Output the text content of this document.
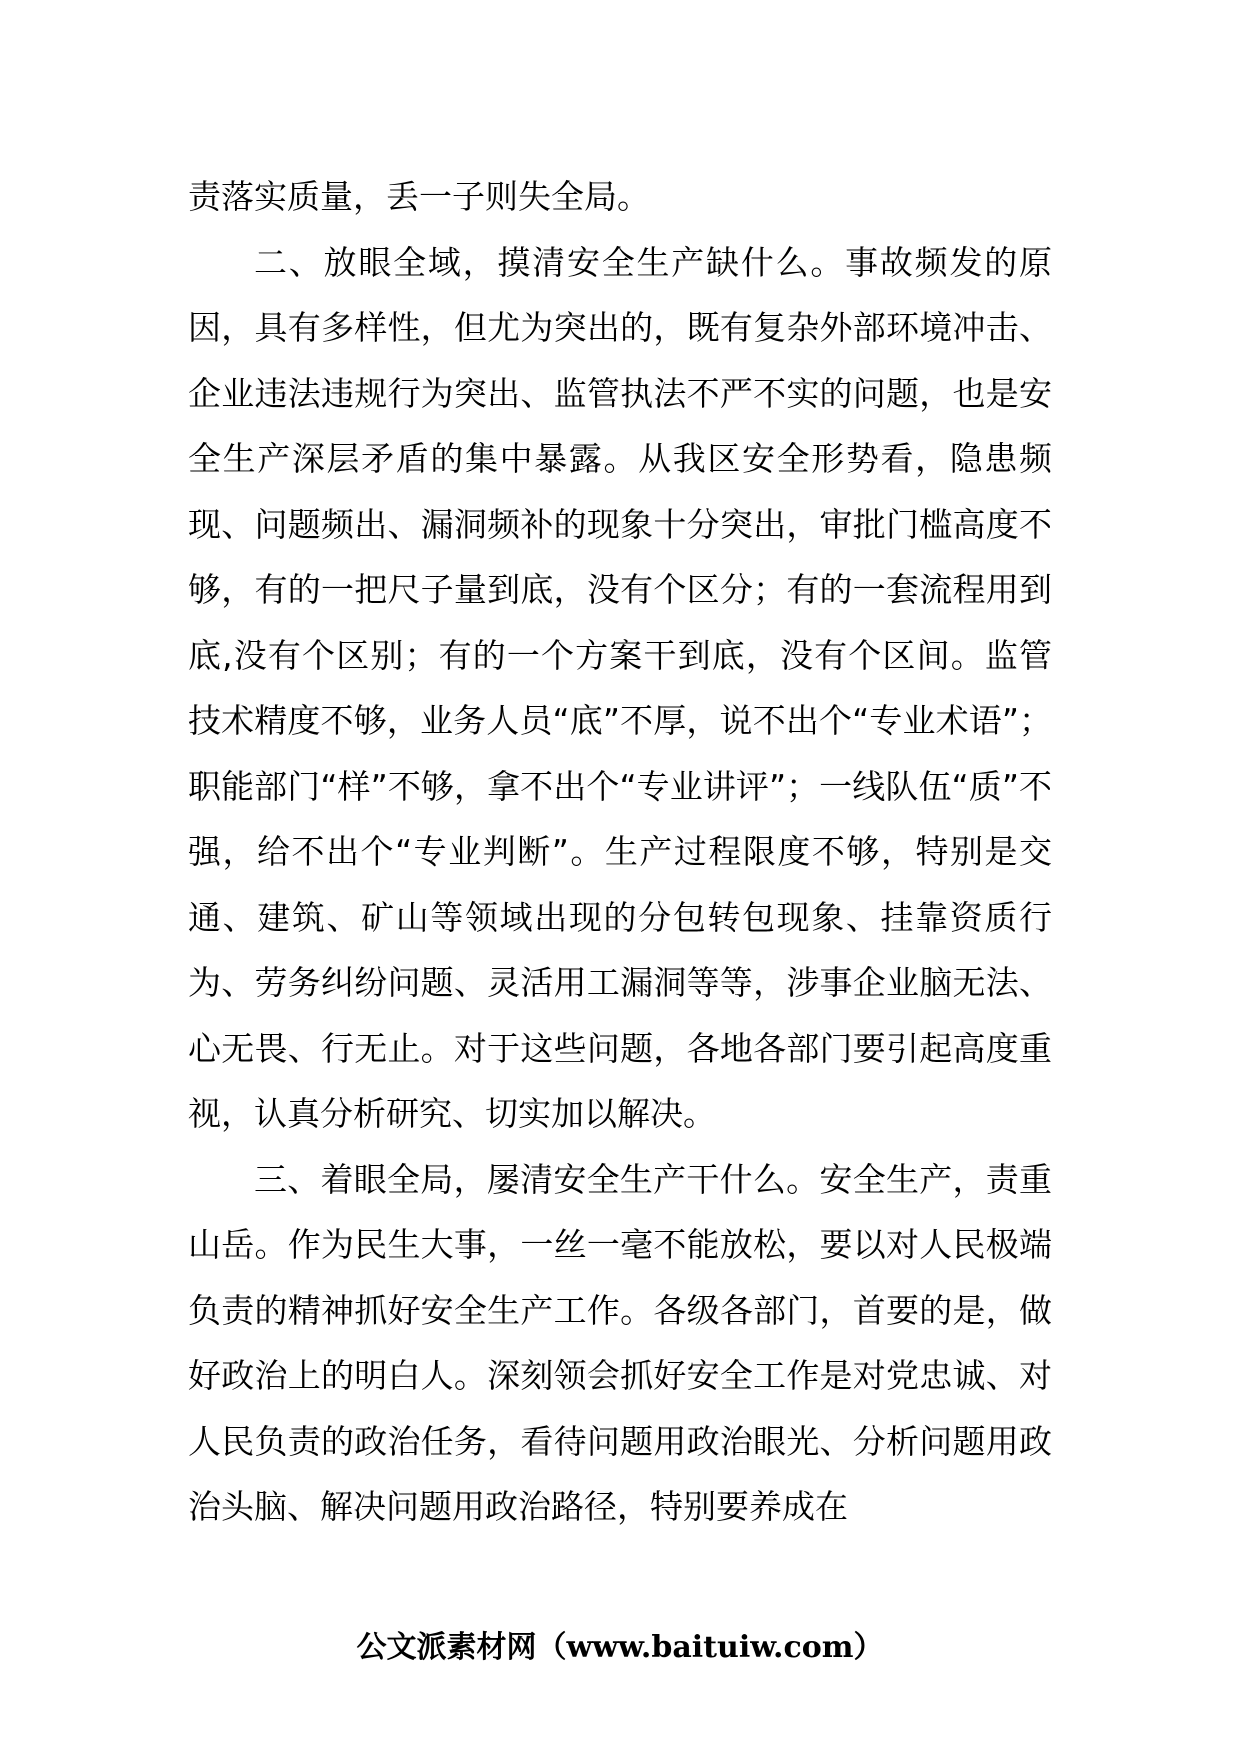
责落实质量，丢一子则失全局。

二、放眼全域，摸清安全生产缺什么。事故频发的原因，具有多样性，但尤为突出的，既有复杂外部环境冲击、企业违法违规行为突出、监管执法不严不实的问题，也是安全生产深层矛盾的集中暴露。从我区安全形势看，隐患频现、问题频出、漏洞频补的现象十分突出，审批门槛高度不够，有的一把尺子量到底，没有个区分；有的一套流程用到底,没有个区别；有的一个方案干到底，没有个区间。监管技术精度不够，业务人员“底”不厚，说不出个“专业术语”；职能部门“样”不够，拿不出个“专业讲评”；一线队伍“质”不强，给不出个“专业判断”。生产过程限度不够，特别是交通、建筑、矿山等领域出现的分包转包现象、挂靠资质行为、劳务纠纷问题、灵活用工漏洞等等，涉事企业脑无法、心无畏、行无止。对于这些问题，各地各部门要引起高度重视，认真分析研究、切实加以解决。

三、着眼全局，屡清安全生产干什么。安全生产，责重山岳。作为民生大事，一丝一毫不能放松，要以对人民极端负责的精神抓好安全生产工作。各级各部门，首要的是，做好政治上的明白人。深刻领会抓好安全工作是对党忠诚、对人民负责的政治任务，看待问题用政治眼光、分析问题用政治头脑、解决问题用政治路径，特别要养成在

公文派素材网（www.baituiw.com）
